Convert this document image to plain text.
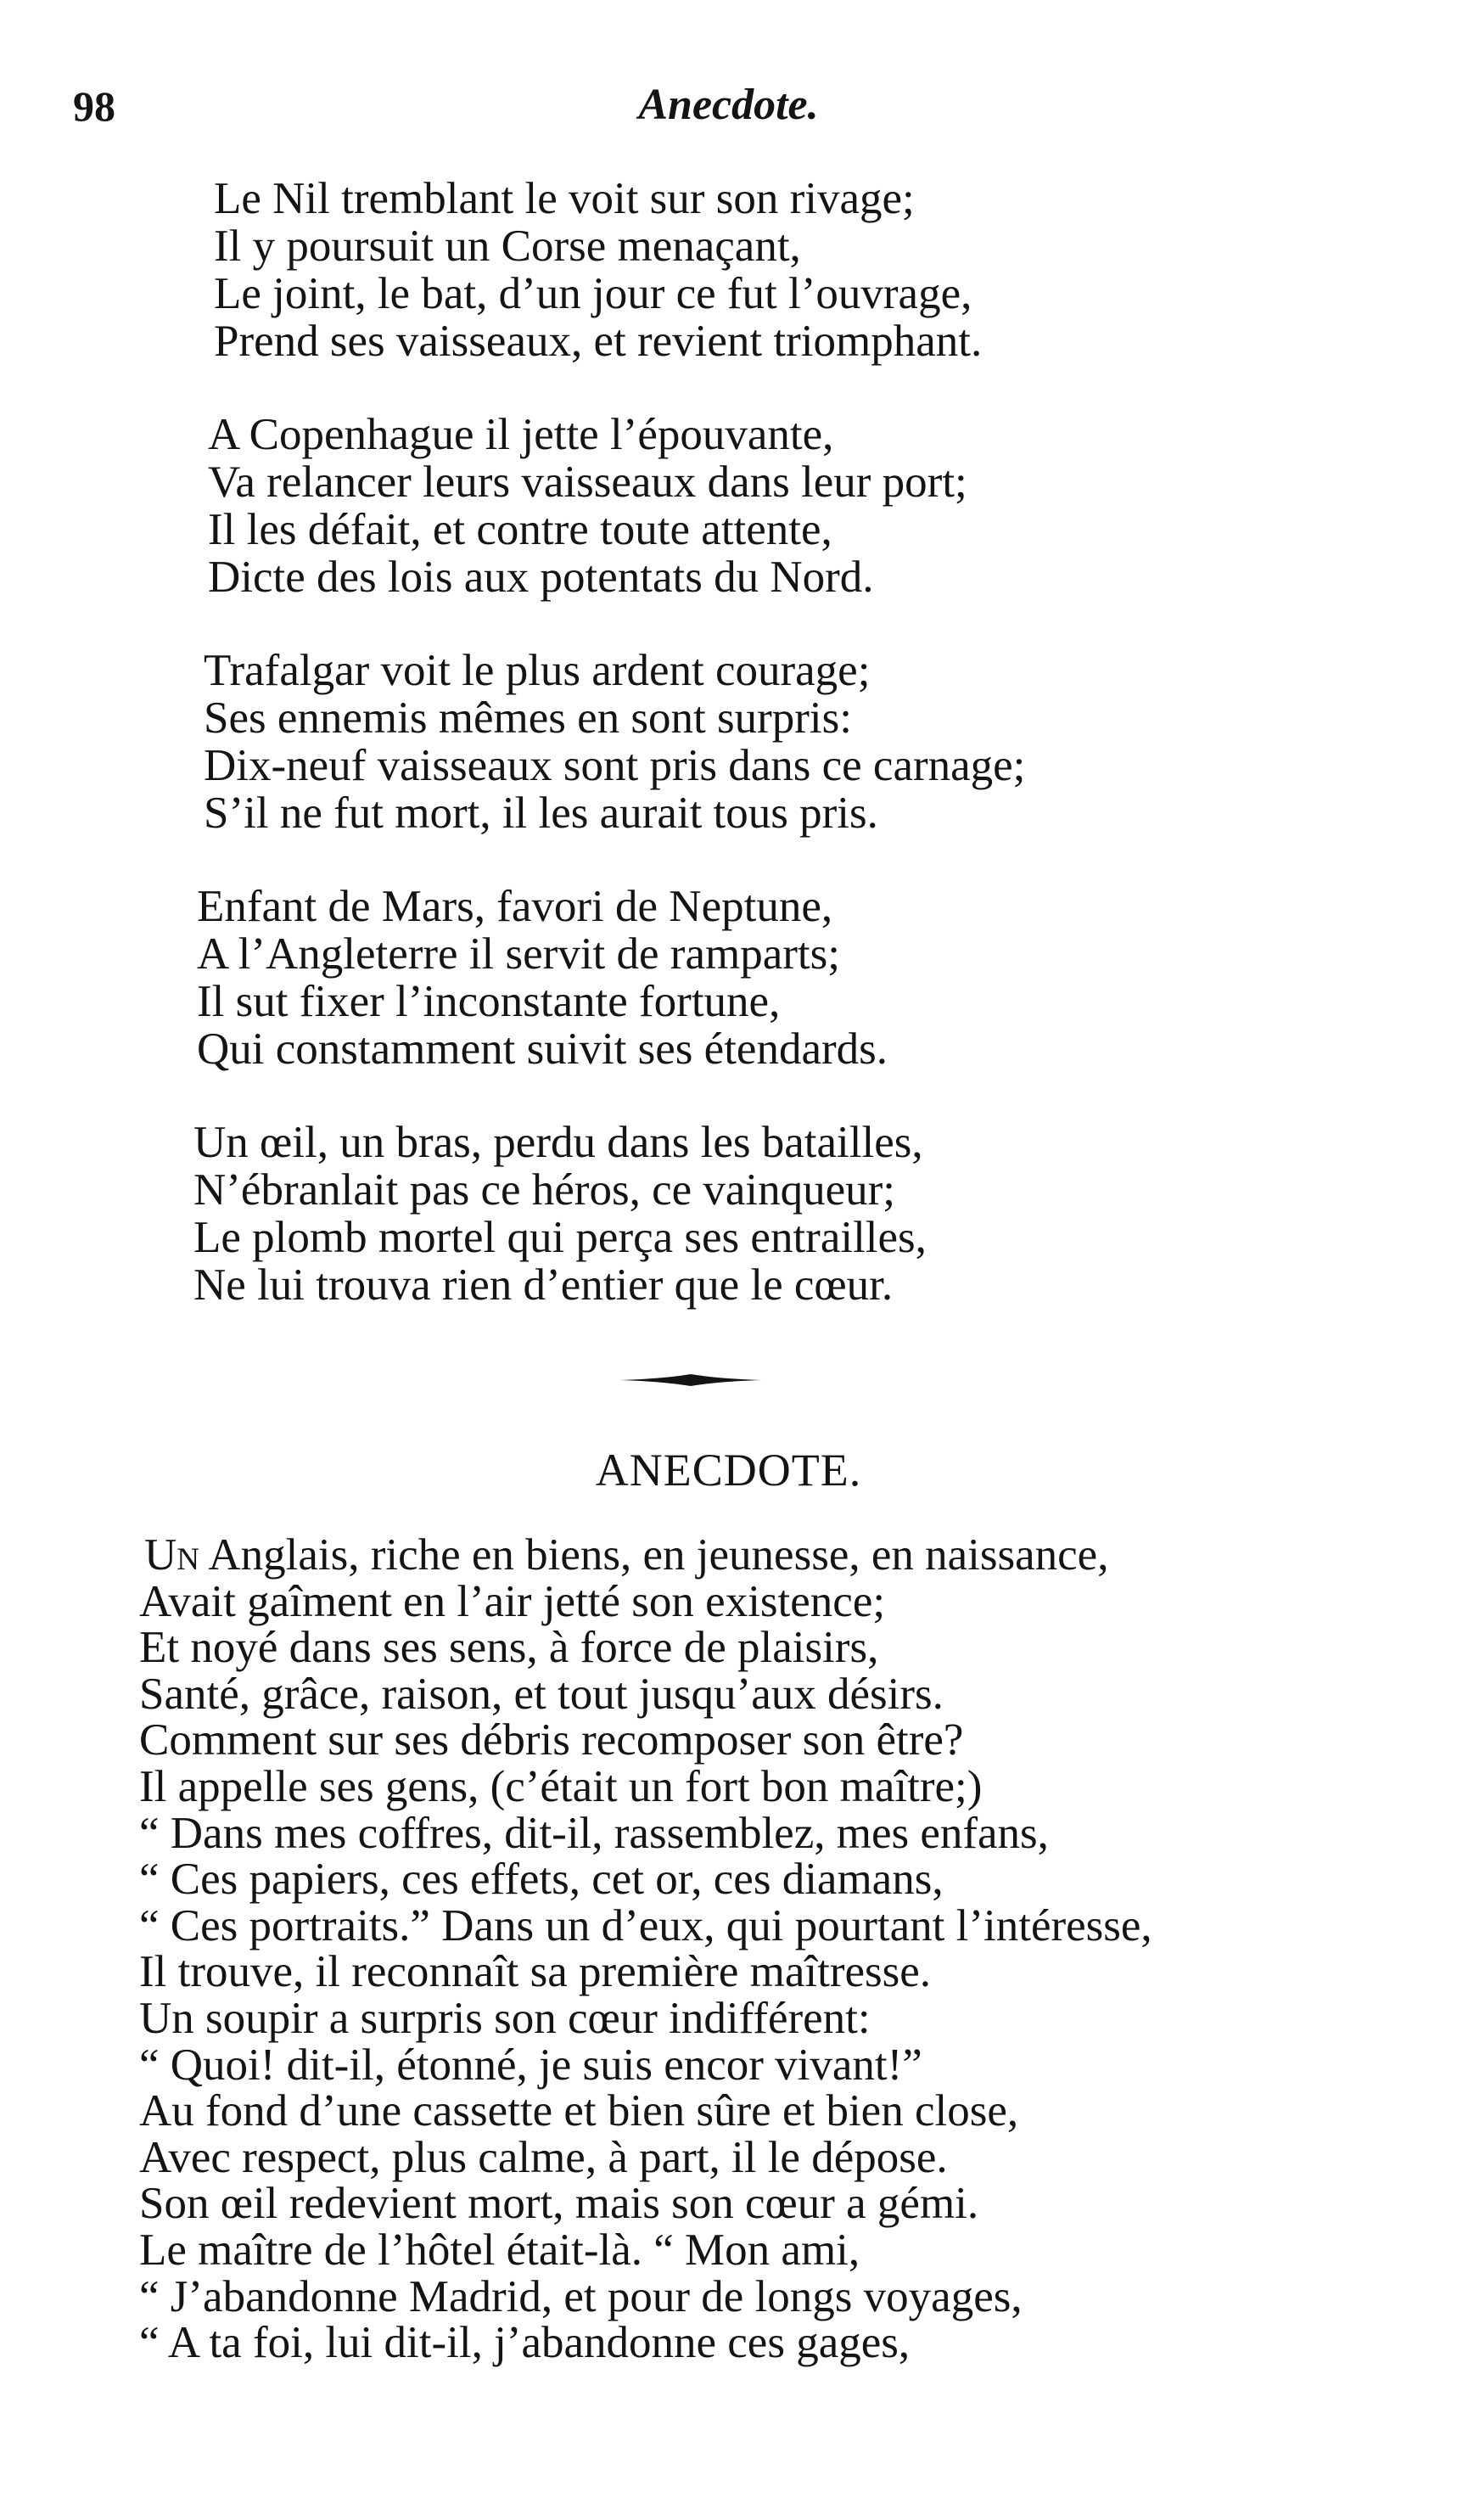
98	Anecdote.
Le Nil tremblant le voit sur son rivage;
Il y poursuit un Corse menaçant,
Le joint, le bat, d’un jour ce fut l’ouvrage,
Prend ses vaisseaux, et revient triomphant.
A Copenhague il jette l’épouvante,
Va relancer leurs vaisseaux dans leur port;
Il les défait, et contre toute attente,
Dicte des lois aux potentats du Nord.
Trafalgar voit le plus ardent courage;
Ses ennemis mêmes en sont surpris:
Dix-neuf vaisseaux sont pris dans ce carnage;
S’il ne fut mort, il les aurait tous pris.
Enfant de Mars, favori de Neptune,
A l’Angleterre il servit de ramparts;
Il sut fixer l’inconstante fortune,
Qui constamment suivit ses étendards.
Un œil, un bras, perdu dans les batailles,
N’ébranlait pas ce héros, ce vainqueur;
Le plomb mortel qui perça ses entrailles,
Ne lui trouva rien d’entier que le cœur.
ANECDOTE.
Un Anglais, riche en biens, en jeunesse, en naissance,
Avait gaîment en l’air jetté son existence;
Et noyé dans ses sens, à force de plaisirs,
Santé, grâce, raison, et tout jusqu’aux désirs.
Comment sur ses débris recomposer son être?
Il appelle ses gens, (c’était un fort bon maître;)
“ Dans mes coffres, dit-il, rassemblez, mes enfans,
“ Ces papiers, ces effets, cet or, ces diamans,
“ Ces portraits.” Dans un d’eux, qui pourtant l’intéresse,
Il trouve, il reconnaît sa première maîtresse.
Un soupir a surpris son cœur indifférent:
“ Quoi! dit-il, étonné, je suis encor vivant!”
Au fond d’une cassette et bien sûre et bien close,
Avec respect, plus calme, à part, il le dépose.
Son œil redevient mort, mais son cœur a gémi.
Le maître de l’hôtel était-là. “ Mon ami,
“ J’abandonne Madrid, et pour de longs voyages,
“ A ta foi, lui dit-il, j’abandonne ces gages,
